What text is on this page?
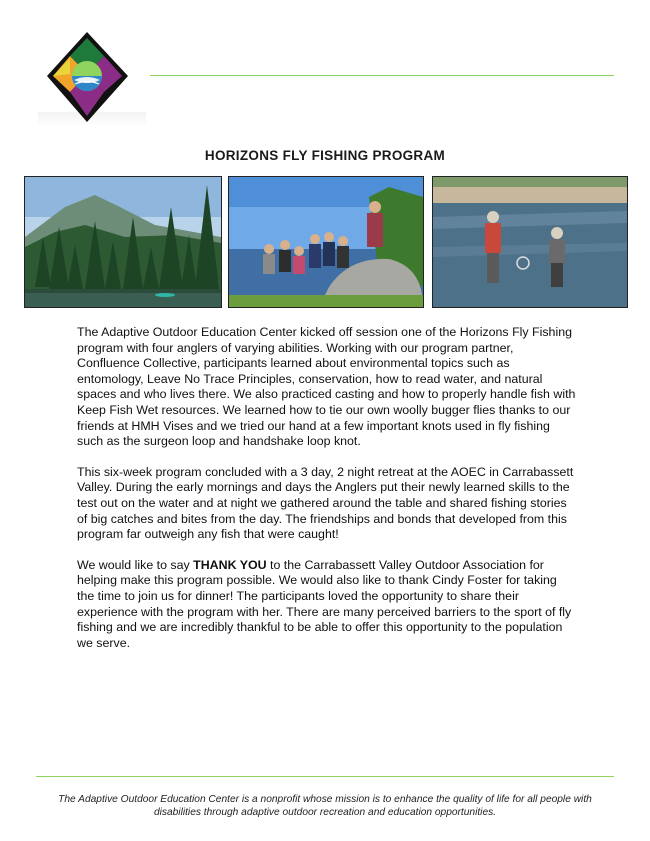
HORIZONS FLY FISHING PROGRAM

The Adaptive Outdoor Education Center kicked off session one of the Horizons Fly Fishing program with four anglers of varying abilities. Working with our program partner, Confluence Collective, participants learned about environmental topics such as entomology, Leave No Trace Principles, conservation, how to read water, and natural spaces and who lives there. We also practiced casting and how to properly handle fish with Keep Fish Wet resources. We learned how to tie our own woolly bugger flies thanks to our friends at HMH Vises and we tried our hand at a few important knots used in fly fishing such as the surgeon loop and handshake loop knot.

This six-week program concluded with a 3 day, 2 night retreat at the AOEC in Carrabassett Valley. During the early mornings and days the Anglers put their newly learned skills to the test out on the water and at night we gathered around the table and shared fishing stories of big catches and bites from the day. The friendships and bonds that developed from this program far outweigh any fish that were caught!

We would like to say THANK YOU to the Carrabassett Valley Outdoor Association for helping make this program possible. We would also like to thank Cindy Foster for taking the time to join us for dinner! The participants loved the opportunity to share their experience with the program with her. There are many perceived barriers to the sport of fly fishing and we are incredibly thankful to be able to offer this opportunity to the population we serve.

The Adaptive Outdoor Education Center is a nonprofit whose mission is to enhance the quality of life for all people with disabilities through adaptive outdoor recreation and education opportunities.
